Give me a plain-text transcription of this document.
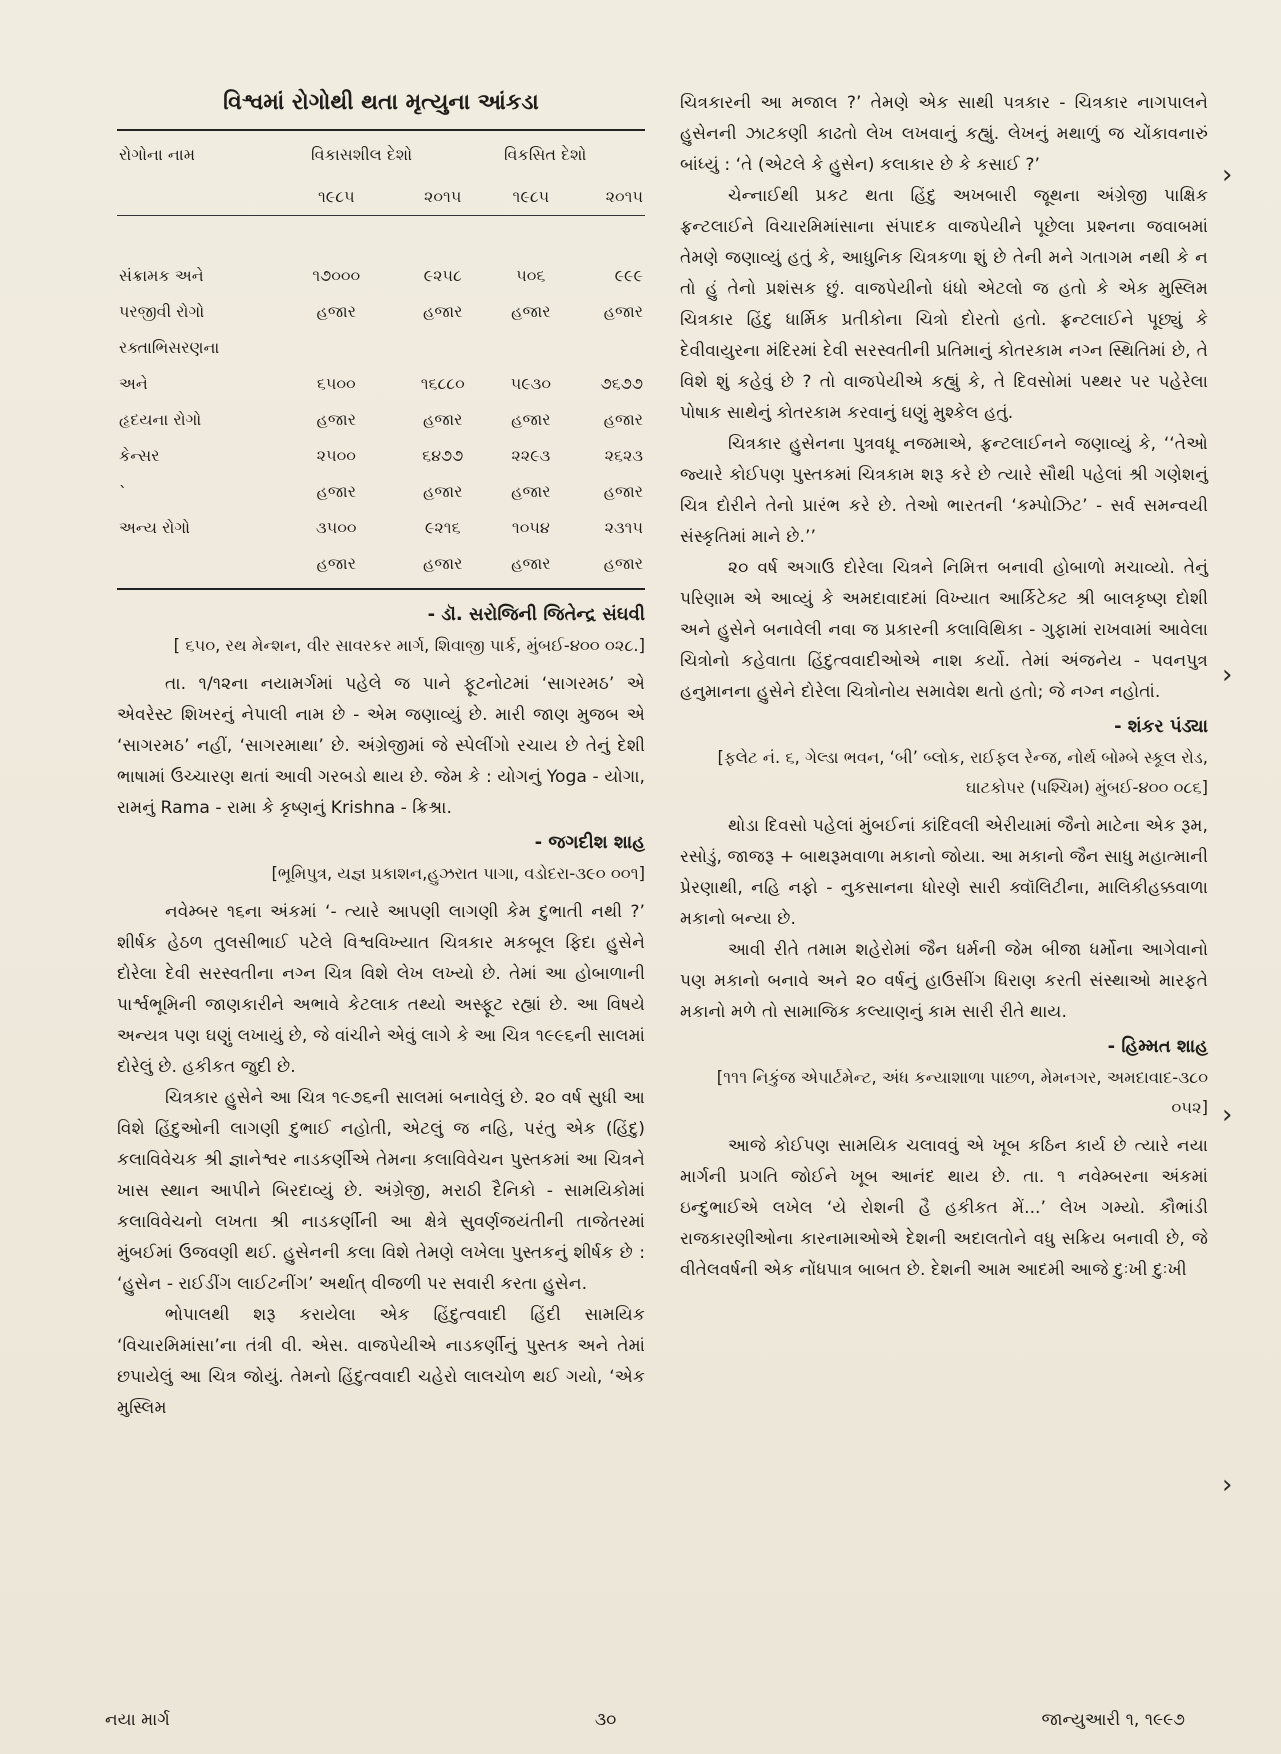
વિશ્વમાં રોગોથી થતા મૃત્યુના આંકડા
રોગોના નામ	વિકાસશીલ દેશો		વિકસિત દેશો	
	૧૯૮૫	૨૦૧૫	૧૯૮૫	૨૦૧૫

સંક્રામક અને	૧૭૦૦૦	૯૨૫૮	૫૦૬	૯૯૯
પરજીવી રોગો	હજાર	હજાર	હજાર	હજાર
રક્તાભિસરણના				
અને	૬૫૦૦	૧૬૮૮૦	૫૯૩૦	૭૬૭૭
હૃદયના રોગો	હજાર	હજાર	હજાર	હજાર
કેન્સર	૨૫૦૦	૬૪૭૭	૨૨૯૩	૨૬૨૩
`	હજાર	હજાર	હજાર	હજાર
અન્ય રોગો	૩૫૦૦	૯૨૧૬	૧૦૫૪	૨૩૧૫
	હજાર	હજાર	હજાર	હજાર
- ડૉ. સરોજિની જિતેન્દ્ર સંઘવી
[ ૬૫૦, રથ મેન્શન, વીર સાવરકર માર્ગ, શિવાજી પાર્ક, મુંબઈ-૪૦૦ ૦૨૮.]

તા. ૧/૧૨ના નયામર્ગમાં પહેલે જ પાને ફૂટનોટમાં ‘સાગરમઠ’ એ એવરેસ્ટ શિખરનું નેપાલી નામ છે - એમ જણાવ્યું છે. મારી જાણ મુજબ એ ‘સાગરમઠ’ નહીં, ‘સાગરમાથા’ છે. અંગ્રેજીમાં જે સ્પેલીંગો રચાય છે તેનું દેશી ભાષામાં ઉચ્ચારણ થતાં આવી ગરબડો થાય છે. જેમ કે : યોગનું Yoga - યોગા, રામનું Rama - રામા કે કૃષ્ણનું Krishna - ક્રિશ્રા.

- જગદીશ શાહ
[ભૂમિપુત્ર, યજ્ઞ પ્રકાશન,હુઝરાત પાગા, વડોદરા-૩૯૦ ૦૦૧]

નવેમ્બર ૧૬ના અંકમાં ‘- ત્યારે આપણી લાગણી કેમ દુભાતી નથી ?’ શીર્ષક હેઠળ તુલસીભાઈ પટેલે વિશ્વવિખ્યાત ચિત્રકાર મકબૂલ ફિદા હુસેને દોરેલા દેવી સરસ્વતીના નગ્ન ચિત્ર વિશે લેખ લખ્યો છે. તેમાં આ હોબાળાની પાર્શ્વભૂમિની જાણકારીને અભાવે કેટલાક તથ્યો અસ્ફૂટ રહ્યાં છે. આ વિષયે અન્યત્ર પણ ઘણું લખાયું છે, જે વાંચીને એવું લાગે કે આ ચિત્ર ૧૯૯૬ની સાલમાં દોરેલું છે. હકીકત જુદી છે.

ચિત્રકાર હુસેને આ ચિત્ર ૧૯૭૬ની સાલમાં બનાવેલું છે. ૨૦ વર્ષ સુધી આ વિશે હિંદુઓની લાગણી દુભાઈ નહોતી, એટલું જ નહિ, પરંતુ એક (હિંદુ) કલાવિવેચક શ્રી જ્ઞાનેશ્વર નાડકર્ણીએ તેમના કલાવિવેચન પુસ્તકમાં આ ચિત્રને ખાસ સ્થાન આપીને બિરદાવ્યું છે. અંગ્રેજી, મરાઠી દૈનિકો - સામયિકોમાં કલાવિવેચનો લખતા શ્રી નાડકર્ણીની આ ક્ષેત્રે સુવર્ણજયંતીની તાજેતરમાં મુંબઈમાં ઉજવણી થઈ. હુસેનની કલા વિશે તેમણે લખેલા પુસ્તકનું શીર્ષક છે : ‘હુસેન - રાઈડીંગ લાઈટનીંગ’ અર્થાત્ વીજળી પર સવારી કરતા હુસેન.

ભોપાલથી શરૂ કરાયેલા એક હિંદુત્વવાદી હિંદી સામયિક ‘વિચારમિમાંસા’ના તંત્રી વી. એસ. વાજપેયીએ નાડકર્ણીનું પુસ્તક અને તેમાં છપાયેલું આ ચિત્ર જોયું. તેમનો હિંદુત્વવાદી ચહેરો લાલચોળ થઈ ગયો, ‘એક મુસ્લિમ

ચિત્રકારની આ મજાલ ?’ તેમણે એક સાથી પત્રકાર - ચિત્રકાર નાગપાલને હુસેનની ઝાટકણી કાઢતો લેખ લખવાનું કહ્યું. લેખનું મથાળું જ ચોંકાવનારું બાંધ્યું : ‘તે (એટલે કે હુસેન) કલાકાર છે કે કસાઈ ?’

ચેન્નાઈથી પ્રકટ થતા હિંદુ અખબારી જૂથના અંગ્રેજી પાક્ષિક ફ્રન્ટલાઈને વિચારમિમાંસાના સંપાદક વાજપેયીને પૂછેલા પ્રશ્નના જવાબમાં તેમણે જણાવ્યું હતું કે, આધુનિક ચિત્રકળા શું છે તેની મને ગતાગમ નથી કે ન તો હું તેનો પ્રશંસક છું. વાજપેયીનો ધંધો એટલો જ હતો કે એક મુસ્લિમ ચિત્રકાર હિંદુ ધાર્મિક પ્રતીકોના ચિત્રો દોરતો હતો. ફ્રન્ટલાઈને પૂછ્યું કે દેવીવાયુરના મંદિરમાં દેવી સરસ્વતીની પ્રતિમાનું કોતરકામ નગ્ન સ્થિતિમાં છે, તે વિશે શું કહેવું છે ? તો વાજપેયીએ કહ્યું કે, તે દિવસોમાં પથ્થર પર પહેરેલા પોષાક સાથેનું કોતરકામ કરવાનું ઘણું મુશ્કેલ હતું.

ચિત્રકાર હુસેનના પુત્રવધૂ નજમાએ, ફ્રન્ટલાઈનને જણાવ્યું કે, ‘‘તેઓ જ્યારે કોઈપણ પુસ્તકમાં ચિત્રકામ શરૂ કરે છે ત્યારે સૌથી પહેલાં શ્રી ગણેશનું ચિત્ર દોરીને તેનો પ્રારંભ કરે છે. તેઓ ભારતની ‘કમ્પોઝિટ’ - સર્વ સમન્વયી સંસ્કૃતિમાં માને છે.’’

૨૦ વર્ષ અગાઉ દોરેલા ચિત્રને નિમિત્ત બનાવી હોબાળો મચાવ્યો. તેનું પરિણામ એ આવ્યું કે અમદાવાદમાં વિખ્યાત આર્કિટેક્ટ શ્રી બાલકૃષ્ણ દોશી અને હુસેને બનાવેલી નવા જ પ્રકારની કલાવિથિકા - ગુફામાં રાખવામાં આવેલા ચિત્રોનો કહેવાતા હિંદુત્વવાદીઓએ નાશ કર્યો. તેમાં અંજનેય - પવનપુત્ર હનુમાનના હુસેને દોરેલા ચિત્રોનોય સમાવેશ થતો હતો; જે નગ્ન નહોતાં.

- શંકર પંડ્યા
[ફલેટ નં. ૬, ગેલ્ડા ભવન, ‘બી’ બ્લોક, રાઈફલ રેન્જ, નોર્થ બોમ્બે સ્કૂલ રોડ, ઘાટકોપર (પશ્ચિમ) મુંબઈ-૪૦૦ ૦૮૬]

થોડા દિવસો પહેલાં મુંબઈનાં કાંદિવલી એરીયામાં જૈનો માટેના એક રૂમ, રસોડું, જાજરૂ + બાથરૂમવાળા મકાનો જોયા. આ મકાનો જૈન સાધુ મહાત્માની પ્રેરણાથી, નહિ નફો - નુકસાનના ધોરણે સારી ક્વૉલિટીના, માલિકીહક્કવાળા મકાનો બન્યા છે.

આવી રીતે તમામ શહેરોમાં જૈન ધર્મની જેમ બીજા ધર્મોના આગેવાનો પણ મકાનો બનાવે અને ૨૦ વર્ષનું હાઉસીંગ ધિરાણ કરતી સંસ્થાઓ મારફતે મકાનો મળે તો સામાજિક કલ્યાણનું કામ સારી રીતે થાય.

- હિમ્મત શાહ
[૧૧૧ નિકુંજ એપાર્ટમેન્ટ, અંધ કન્યાશાળા પાછળ, મેમનગર, અમદાવાદ-૩૮૦ ૦૫૨]

આજે કોઈપણ સામયિક ચલાવવું એ ખૂબ કઠિન કાર્ય છે ત્યારે નયા માર્ગની પ્રગતિ જોઈને ખૂબ આનંદ થાય છે. તા. ૧ નવેમ્બરના અંકમાં ઇન્દુભાઈએ લખેલ ‘યે રોશની હૈ હકીકત મેં...’ લેખ ગમ્યો. કૌભાંડી રાજકારણીઓના કારનામાઓએ દેશની અદાલતોને વધુ સક્રિય બનાવી છે, જે વીતેલવર્ષની એક નોંધપાત્ર બાબત છે. દેશની આમ આદમી આજે દુઃખી દુઃખી

›
›
›
›
નયા માર્ગ	૩૦	જાન્યુઆરી ૧, ૧૯૯૭
